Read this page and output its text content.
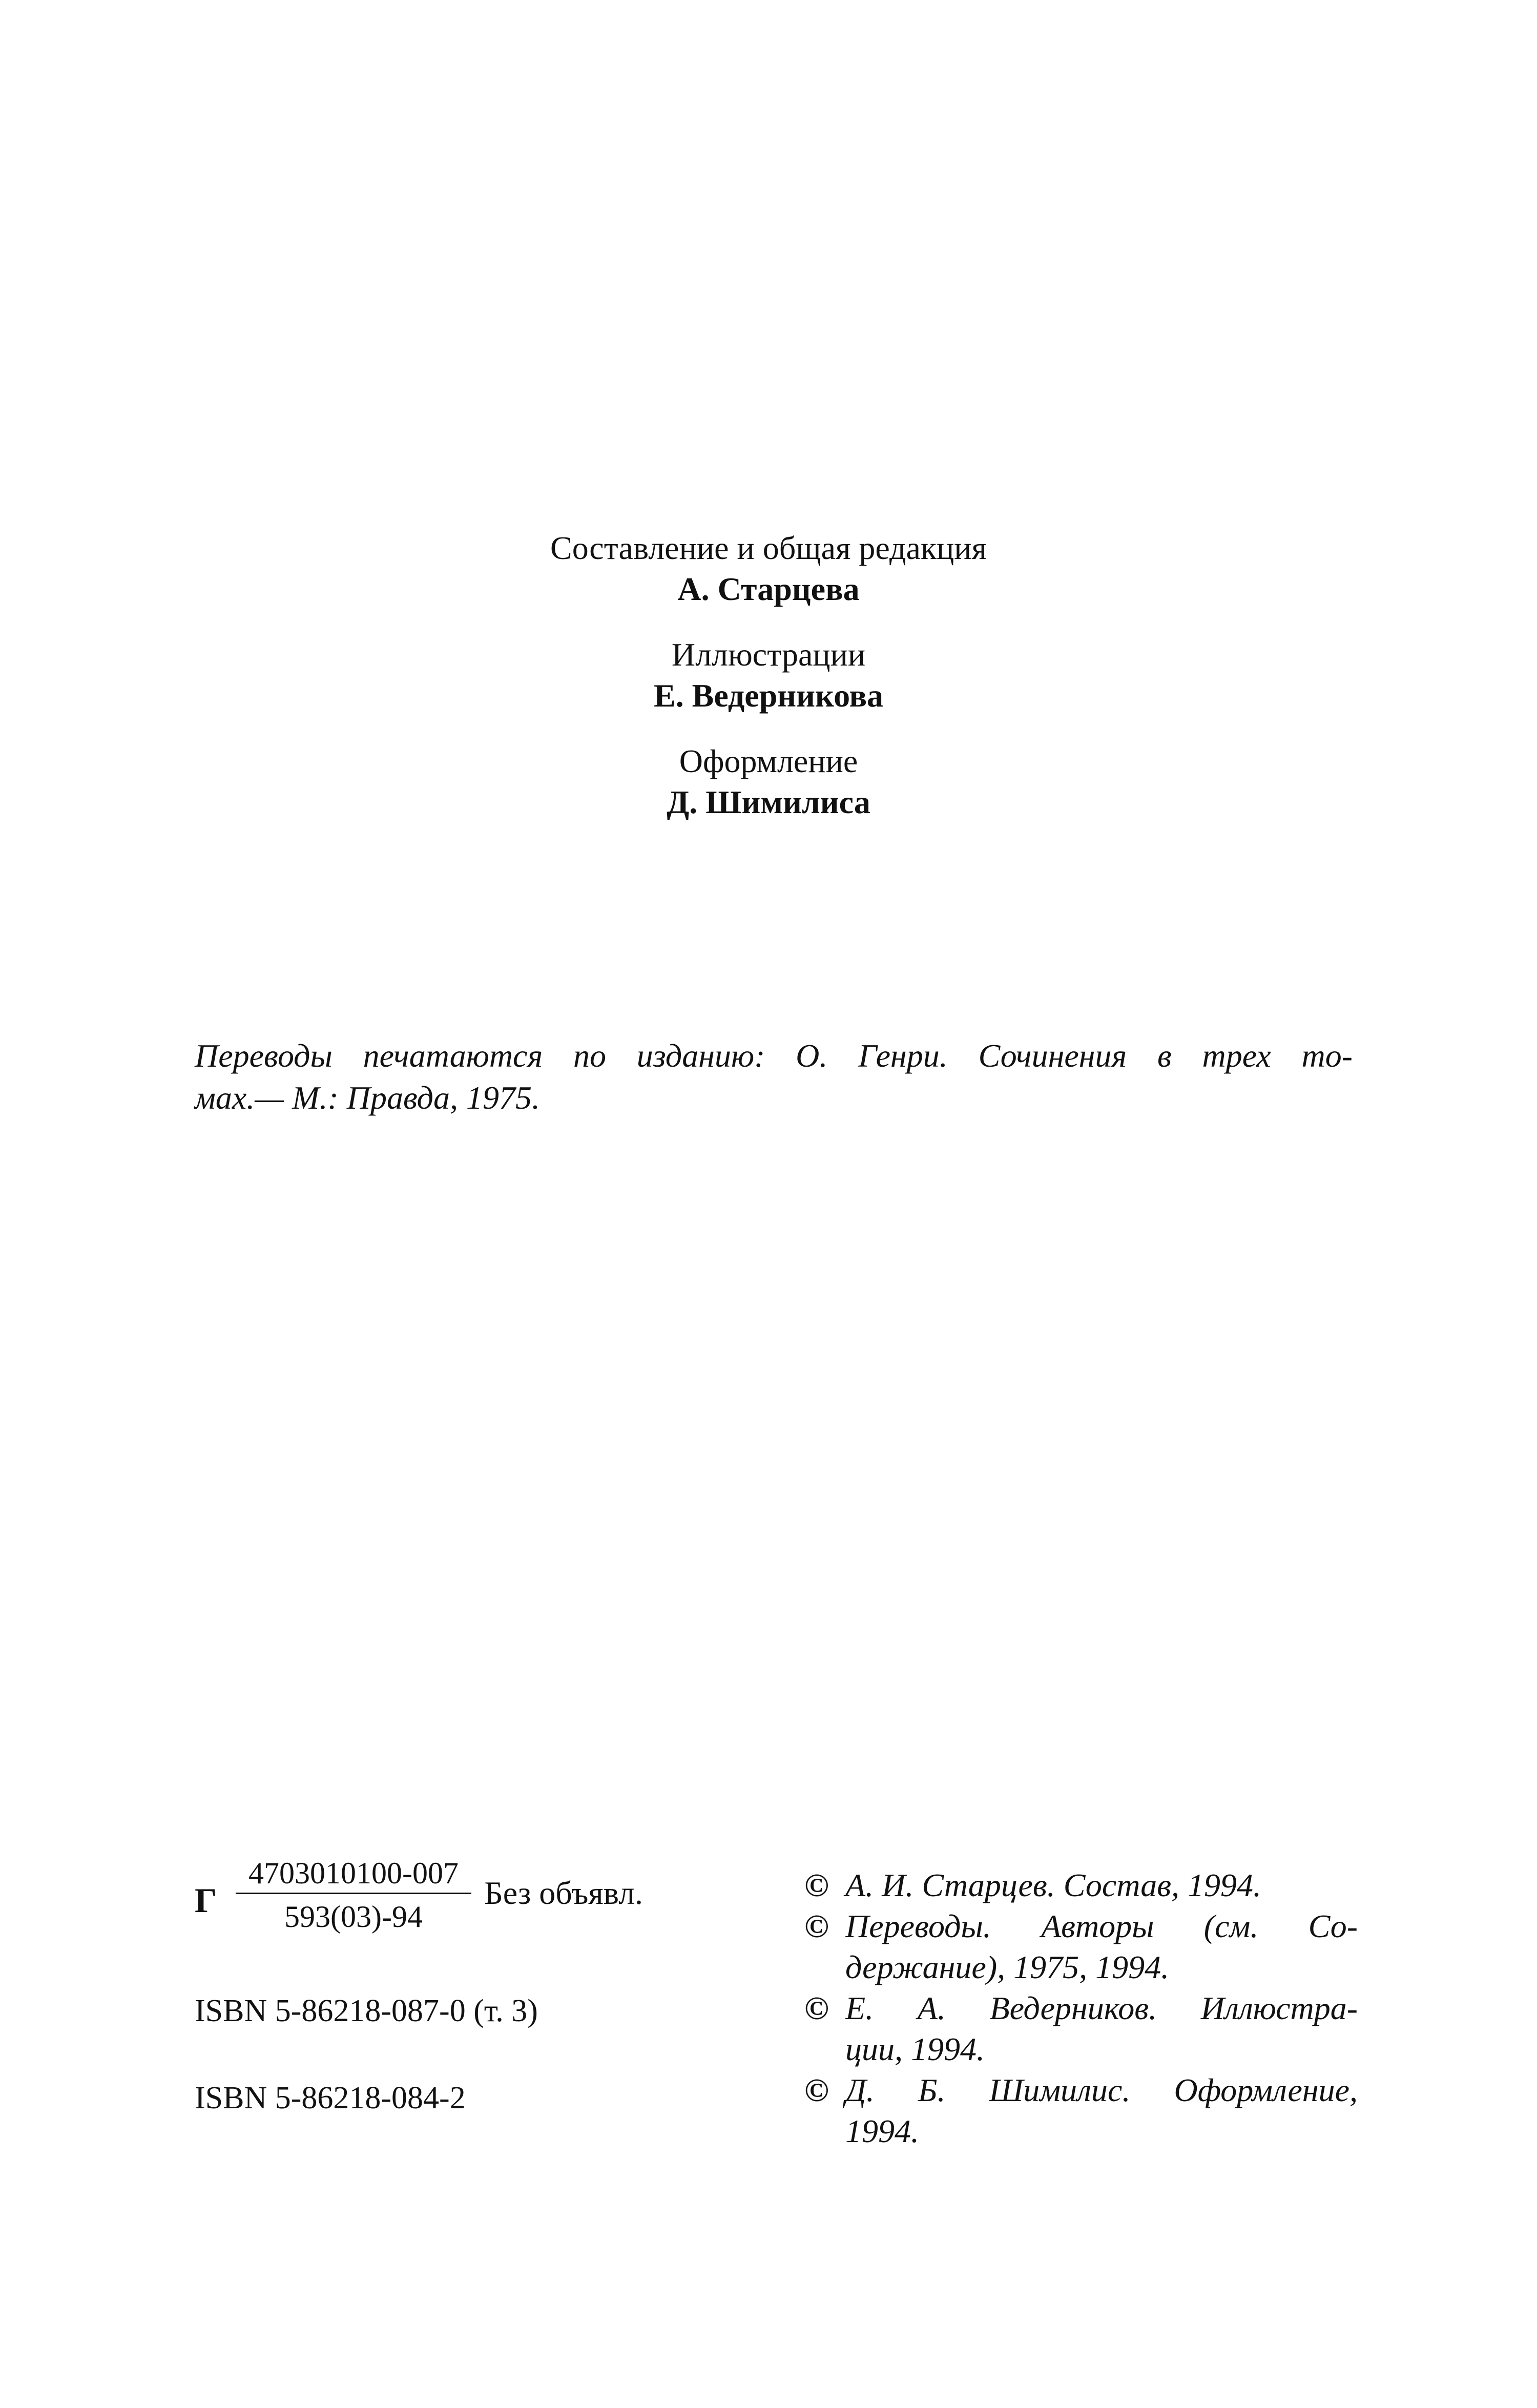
Составление и общая редакция
А. Старцева
Иллюстрации
Е. Ведерникова
Оформление
Д. Шимилиса
Переводы печатаются по изданию: О. Генри. Сочинения в трех то-
мах.— М.: Правда, 1975.
Г $\frac{4703010100-007}{593(03)-94}$ Без объявл.
ISBN 5-86218-087-0 (т. 3)
ISBN 5-86218-084-2
© А. И. Старцев. Состав, 1994.
© Переводы. Авторы (см. Со-
держание), 1975, 1994.
© Е. А. Ведерников. Иллюстра-
ции, 1994.
© Д. Б. Шимилис. Оформление,
1994.
